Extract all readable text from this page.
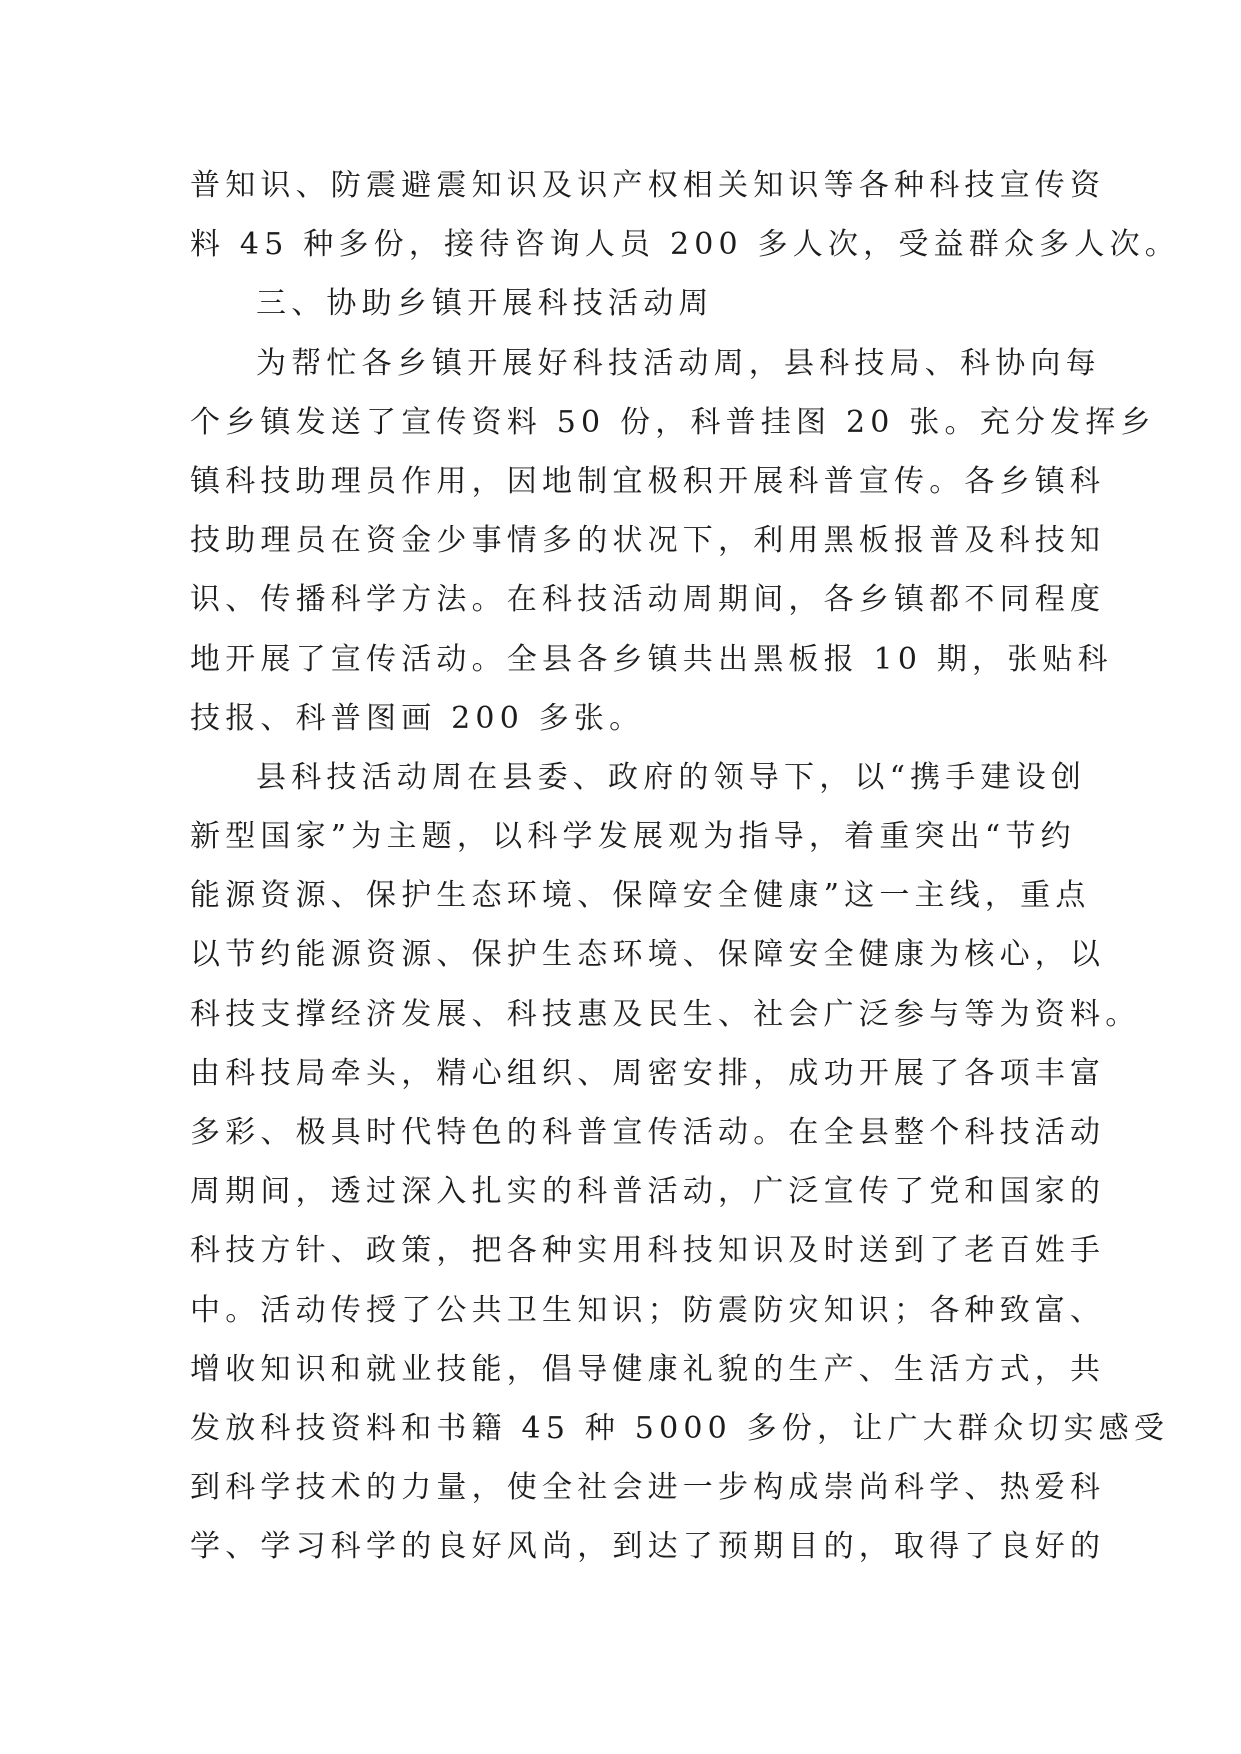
普知识、防震避震知识及识产权相关知识等各种科技宣传资
料 45 种多份，接待咨询人员 200 多人次，受益群众多人次。
三、协助乡镇开展科技活动周
为帮忙各乡镇开展好科技活动周，县科技局、科协向每
个乡镇发送了宣传资料 50 份，科普挂图 20 张。充分发挥乡
镇科技助理员作用，因地制宜极积开展科普宣传。各乡镇科
技助理员在资金少事情多的状况下，利用黑板报普及科技知
识、传播科学方法。在科技活动周期间，各乡镇都不同程度
地开展了宣传活动。全县各乡镇共出黑板报 10 期，张贴科
技报、科普图画 200 多张。
县科技活动周在县委、政府的领导下，以“携手建设创
新型国家”为主题，以科学发展观为指导，着重突出“节约
能源资源、保护生态环境、保障安全健康”这一主线，重点
以节约能源资源、保护生态环境、保障安全健康为核心，以
科技支撑经济发展、科技惠及民生、社会广泛参与等为资料。
由科技局牵头，精心组织、周密安排，成功开展了各项丰富
多彩、极具时代特色的科普宣传活动。在全县整个科技活动
周期间，透过深入扎实的科普活动，广泛宣传了党和国家的
科技方针、政策，把各种实用科技知识及时送到了老百姓手
中。活动传授了公共卫生知识；防震防灾知识；各种致富、
增收知识和就业技能，倡导健康礼貌的生产、生活方式，共
发放科技资料和书籍 45 种 5000 多份，让广大群众切实感受
到科学技术的力量，使全社会进一步构成崇尚科学、热爱科
学、学习科学的良好风尚，到达了预期目的，取得了良好的
